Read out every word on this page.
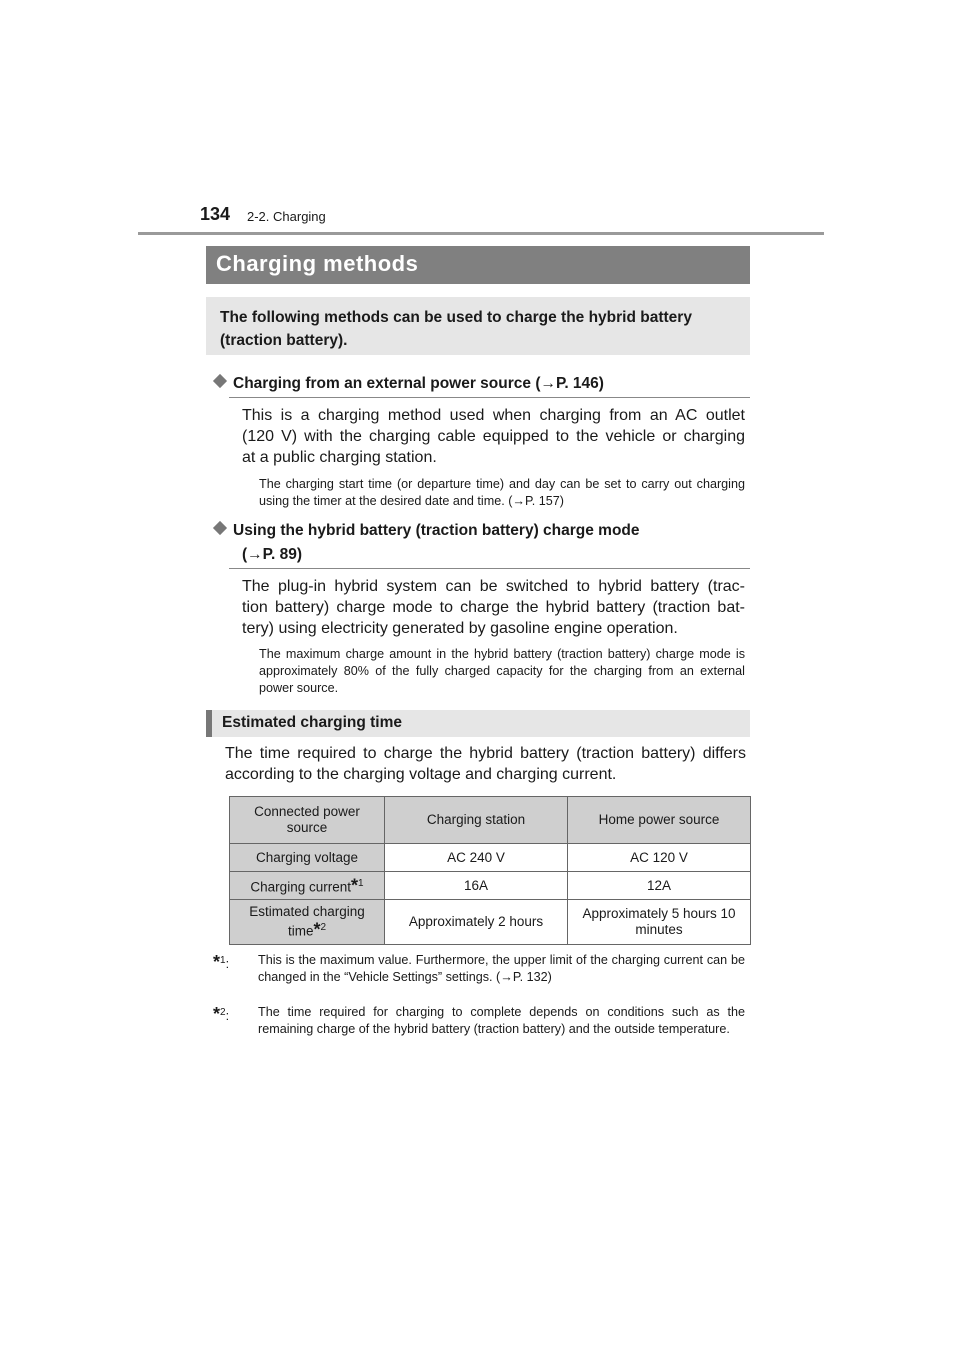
134 2-2. Charging
Charging methods
The following methods can be used to charge the hybrid battery (traction battery).
Charging from an external power source (→P. 146)
This is a charging method used when charging from an AC outlet
(120 V) with the charging cable equipped to the vehicle or charging
at a public charging station.
The charging start time (or departure time) and day can be set to carry out charging using the timer at the desired date and time. (→P. 157)
Using the hybrid battery (traction battery) charge mode
(→P. 89)
The plug-in hybrid system can be switched to hybrid battery (trac-
tion battery) charge mode to charge the hybrid battery (traction bat-
tery) using electricity generated by gasoline engine operation.
The maximum charge amount in the hybrid battery (traction battery) charge mode is approximately 80% of the fully charged capacity for the charging from an external power source.
Estimated charging time
The time required to charge the hybrid battery (traction battery) differs
according to the charging voltage and charging current.
Connected power source	Charging station	Home power source
Charging voltage	AC 240 V	AC 120 V
Charging current*$^1$	16A	12A
Estimated charging time*$^2$	Approximately 2 hours	Approximately 5 hours 10 minutes
*$^1$: This is the maximum value. Furthermore, the upper limit of the charging current can be changed in the “Vehicle Settings” settings. (→P. 132)
*$^2$: The time required for charging to complete depends on conditions such as the remaining charge of the hybrid battery (traction battery) and the outside temperature.
